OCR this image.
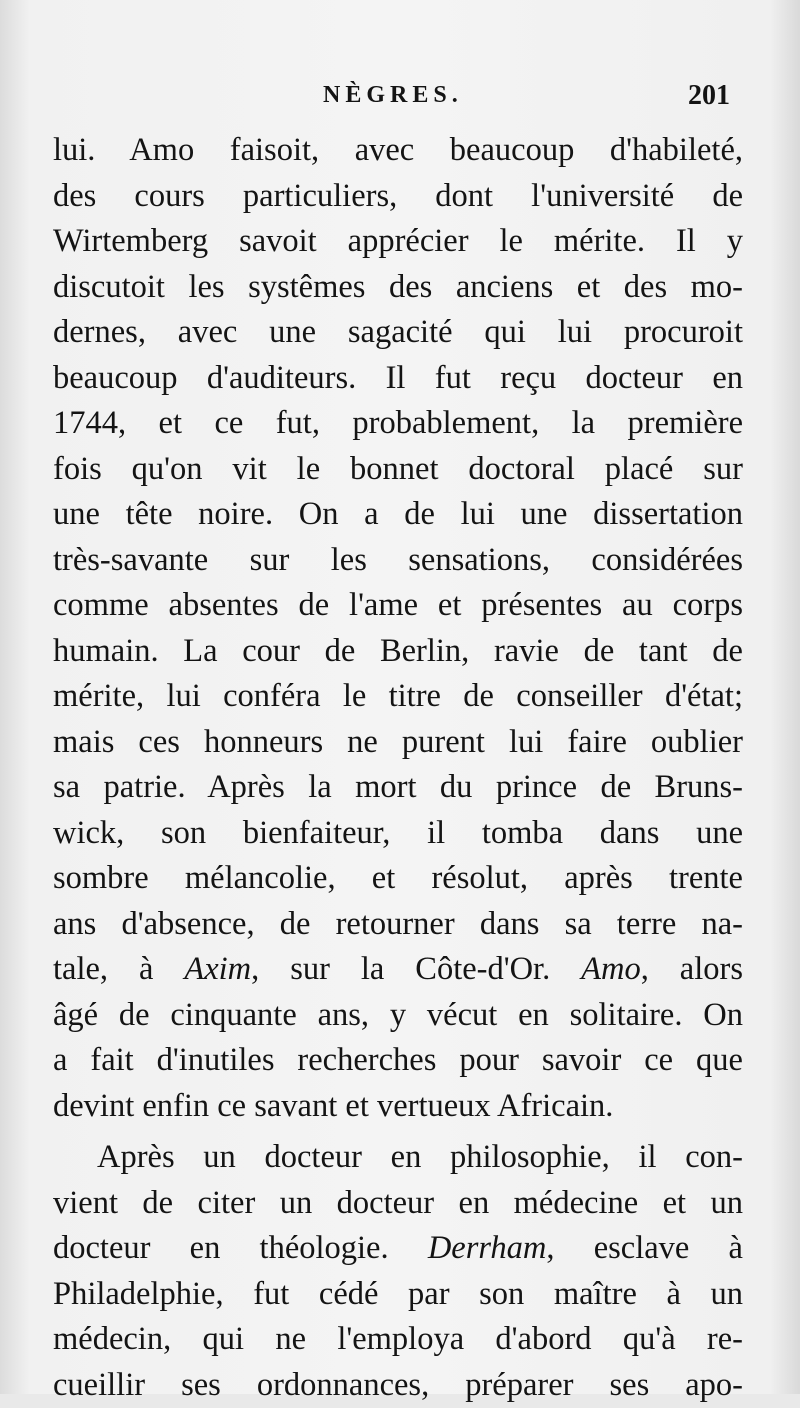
NÈGRES.	201
lui. Amo faisoit, avec beaucoup d'habileté,
des cours particuliers, dont l'université de
Wirtemberg savoit apprécier le mérite. Il y
discutoit les systêmes des anciens et des mo-
dernes, avec une sagacité qui lui procuroit
beaucoup d'auditeurs. Il fut reçu docteur en
1744, et ce fut, probablement, la première
fois qu'on vit le bonnet doctoral placé sur
une tête noire. On a de lui une dissertation
très-savante sur les sensations, considérées
comme absentes de l'ame et présentes au corps
humain. La cour de Berlin, ravie de tant de
mérite, lui conféra le titre de conseiller d'état;
mais ces honneurs ne purent lui faire oublier
sa patrie. Après la mort du prince de Bruns-
wick, son bienfaiteur, il tomba dans une
sombre mélancolie, et résolut, après trente
ans d'absence, de retourner dans sa terre na-
tale, à Axim, sur la Côte-d'Or. Amo, alors
âgé de cinquante ans, y vécut en solitaire. On
a fait d'inutiles recherches pour savoir ce que
devint enfin ce savant et vertueux Africain.
Après un docteur en philosophie, il con-
vient de citer un docteur en médecine et un
docteur en théologie. Derrham, esclave à
Philadelphie, fut cédé par son maître à un
médecin, qui ne l'employa d'abord qu'à re-
cueillir ses ordonnances, préparer ses apo-
